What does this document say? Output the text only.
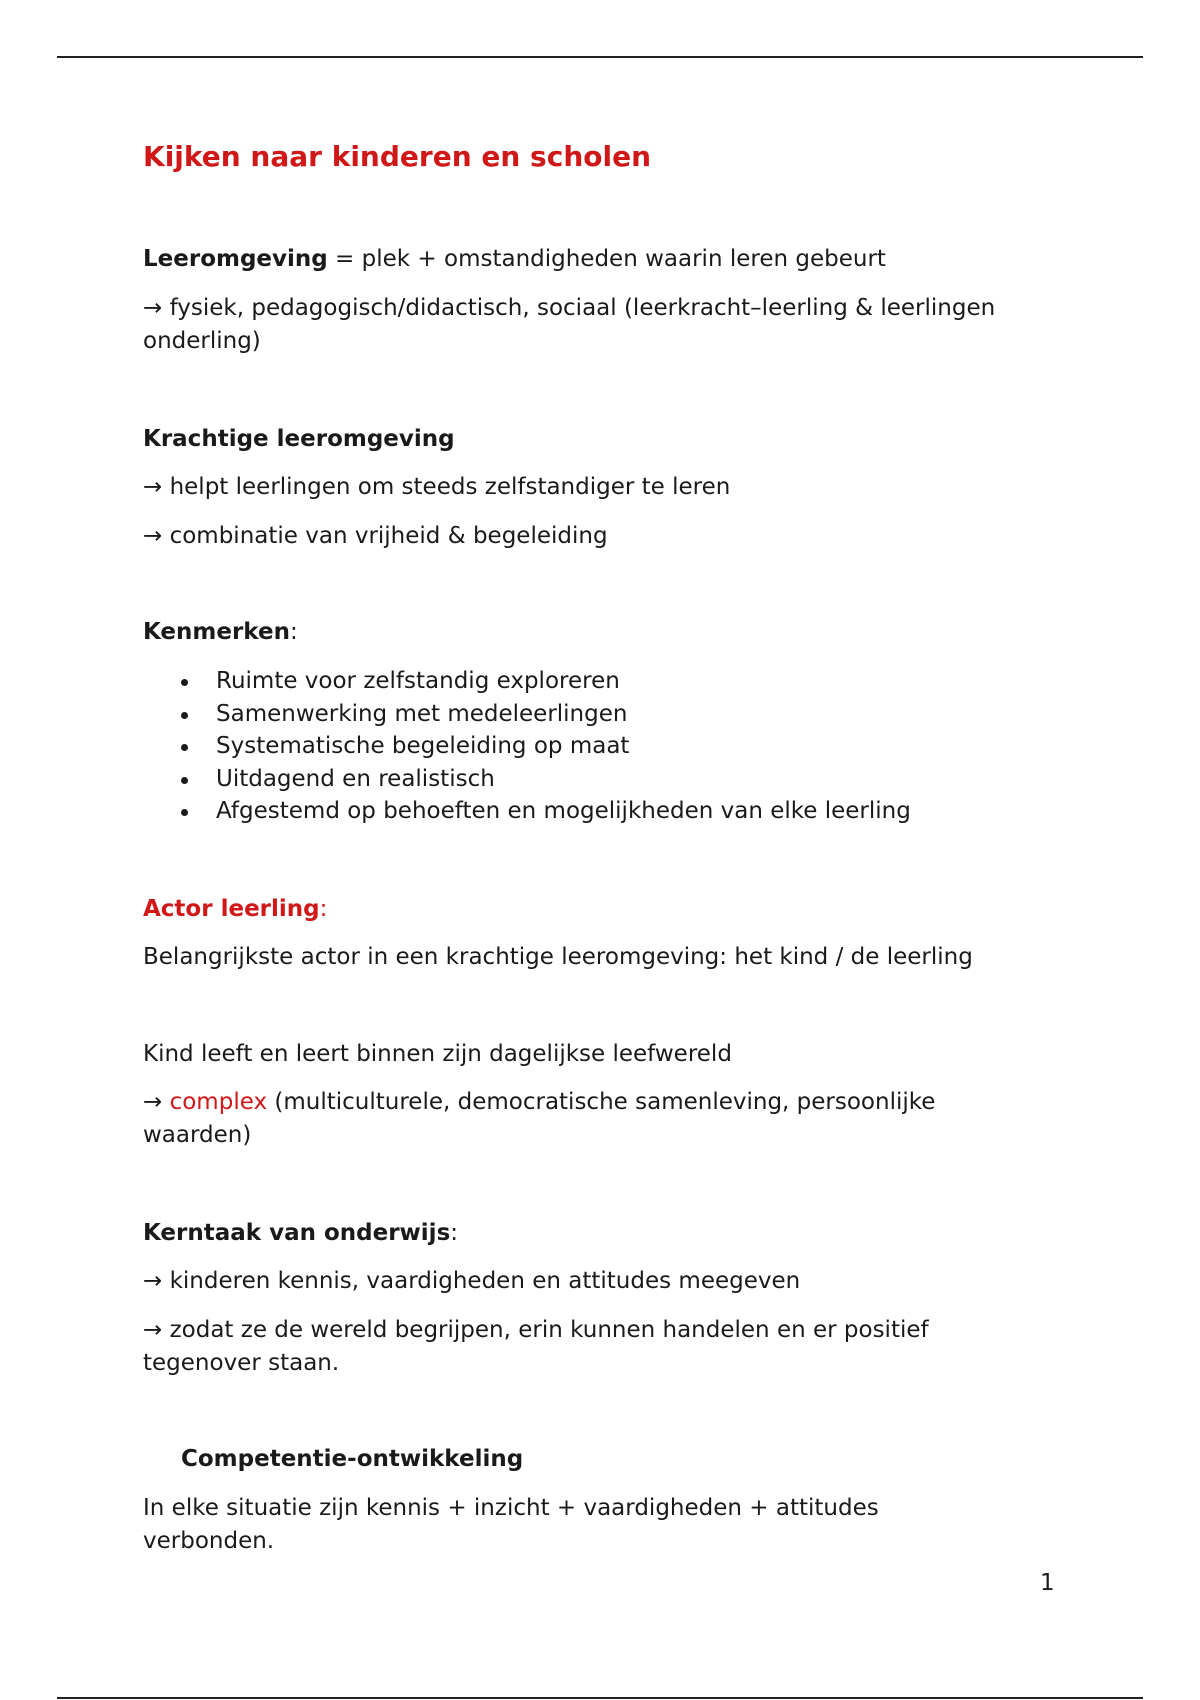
Kijken naar kinderen en scholen

Leeromgeving = plek + omstandigheden waarin leren gebeurt

→ fysiek, pedagogisch/didactisch, sociaal (leerkracht–leerling & leerlingen onderling)

Krachtige leeromgeving

→ helpt leerlingen om steeds zelfstandiger te leren

→ combinatie van vrijheid & begeleiding

Kenmerken:

Ruimte voor zelfstandig exploreren
Samenwerking met medeleerlingen
Systematische begeleiding op maat
Uitdagend en realistisch
Afgestemd op behoeften en mogelijkheden van elke leerling

Actor leerling:

Belangrijkste actor in een krachtige leeromgeving: het kind / de leerling

Kind leeft en leert binnen zijn dagelijkse leefwereld

→ complex (multiculturele, democratische samenleving, persoonlijke waarden)

Kerntaak van onderwijs:

→ kinderen kennis, vaardigheden en attitudes meegeven

→ zodat ze de wereld begrijpen, erin kunnen handelen en er positief tegenover staan.

Competentie-ontwikkeling

In elke situatie zijn kennis + inzicht + vaardigheden + attitudes verbonden.

1
